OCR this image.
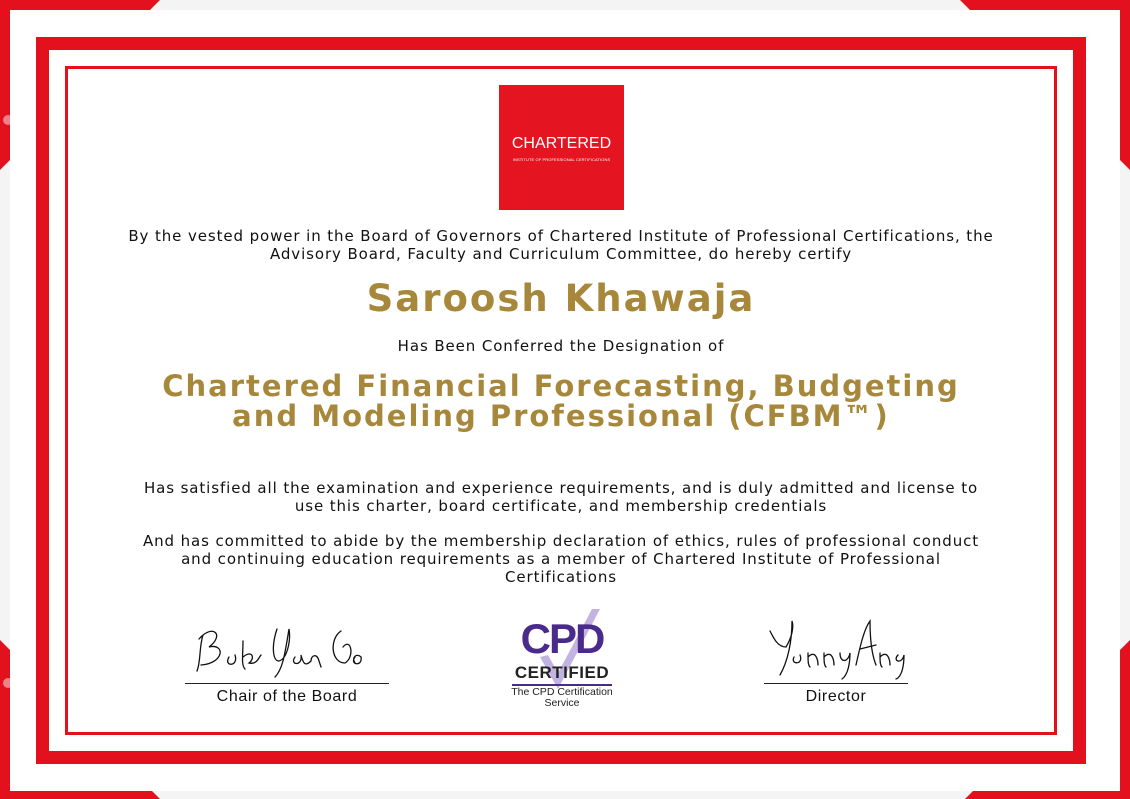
CHARTERED
INSTITUTE OF PROFESSIONAL CERTIFICATIONS
By the vested power in the Board of Governors of Chartered Institute of Professional Certifications, the Advisory Board, Faculty and Curriculum Committee, do hereby certify
Saroosh Khawaja
Has Been Conferred the Designation of
Chartered Financial Forecasting, Budgeting and Modeling Professional (CFBM™)
Has satisfied all the examination and experience requirements, and is duly admitted and license to use this charter, board certificate, and membership credentials
And has committed to abide by the membership declaration of ethics, rules of professional conduct and continuing education requirements as a member of Chartered Institute of Professional Certifications
Chair of the Board
CPD
CERTIFIED
The CPD Certification Service	Director
